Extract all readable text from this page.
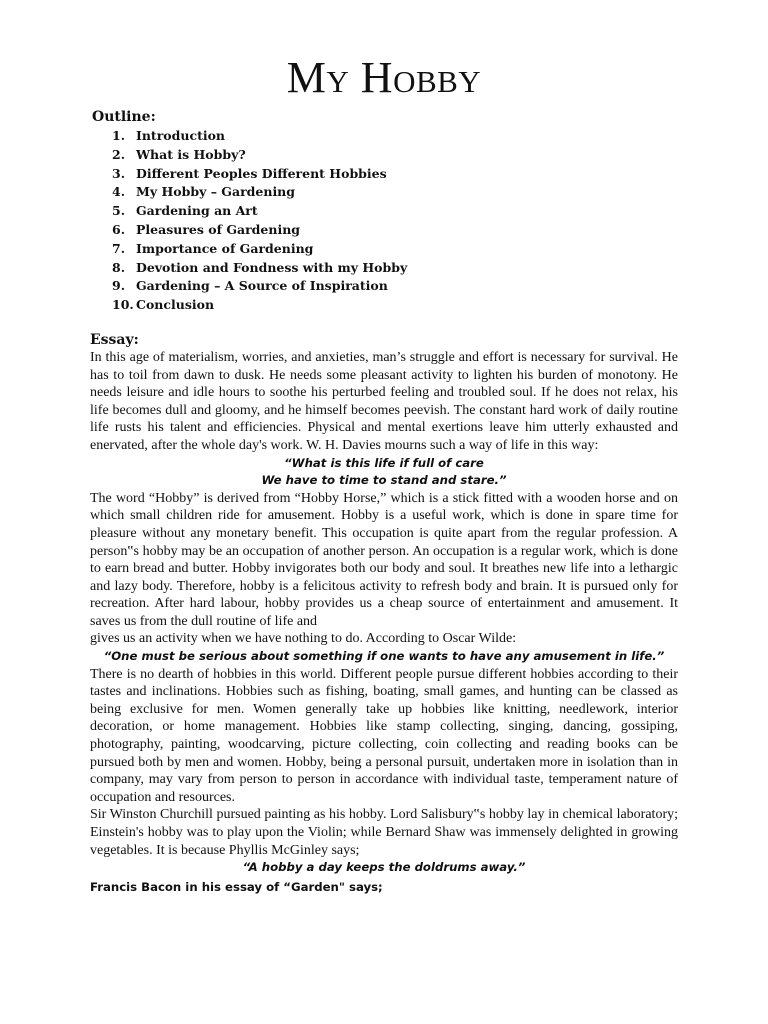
My Hobby
Outline:
1. Introduction
2. What is Hobby?
3. Different Peoples Different Hobbies
4. My Hobby – Gardening
5. Gardening an Art
6. Pleasures of Gardening
7. Importance of Gardening
8. Devotion and Fondness with my Hobby
9. Gardening – A Source of Inspiration
10. Conclusion
Essay:

In this age of materialism, worries, and anxieties, man’s struggle and effort is necessary for survival. He has to toil from dawn to dusk. He needs some pleasant activity to lighten his burden of monotony. He needs leisure and idle hours to soothe his perturbed feeling and troubled soul. If he does not relax, his life becomes dull and gloomy, and he himself becomes peevish. The constant hard work of daily routine life rusts his talent and efficiencies. Physical and mental exertions leave him utterly exhausted and enervated, after the whole day's work. W. H. Davies mourns such a way of life in this way:

“What is this life if full of care

We have to time to stand and stare.”

The word “Hobby” is derived from “Hobby Horse,” which is a stick fitted with a wooden horse and on which small children ride for amusement. Hobby is a useful work, which is done in spare time for pleasure without any monetary benefit. This occupation is quite apart from the regular profession. A person‟s hobby may be an occupation of another person. An occupation is a regular work, which is done to earn bread and butter. Hobby invigorates both our body and soul. It breathes new life into a lethargic and lazy body. Therefore, hobby is a felicitous activity to refresh body and brain. It is pursued only for recreation. After hard labour, hobby provides us a cheap source of entertainment and amusement. It saves us from the dull routine of life and

gives us an activity when we have nothing to do. According to Oscar Wilde:

“One must be serious about something if one wants to have any amusement in life.”

There is no dearth of hobbies in this world. Different people pursue different hobbies according to their tastes and inclinations. Hobbies such as fishing, boating, small games, and hunting can be classed as being exclusive for men. Women generally take up hobbies like knitting, needlework, interior decoration, or home management. Hobbies like stamp collecting, singing, dancing, gossiping, photography, painting, woodcarving, picture collecting, coin collecting and reading books can be pursued both by men and women. Hobby, being a personal pursuit, undertaken more in isolation than in company, may vary from person to person in accordance with individual taste, temperament nature of occupation and resources.

Sir Winston Churchill pursued painting as his hobby. Lord Salisbury‟s hobby lay in chemical laboratory; Einstein's hobby was to play upon the Violin; while Bernard Shaw was immensely delighted in growing vegetables. It is because Phyllis McGinley says;

“A hobby a day keeps the doldrums away.”

Francis Bacon in his essay of “Garden" says;
